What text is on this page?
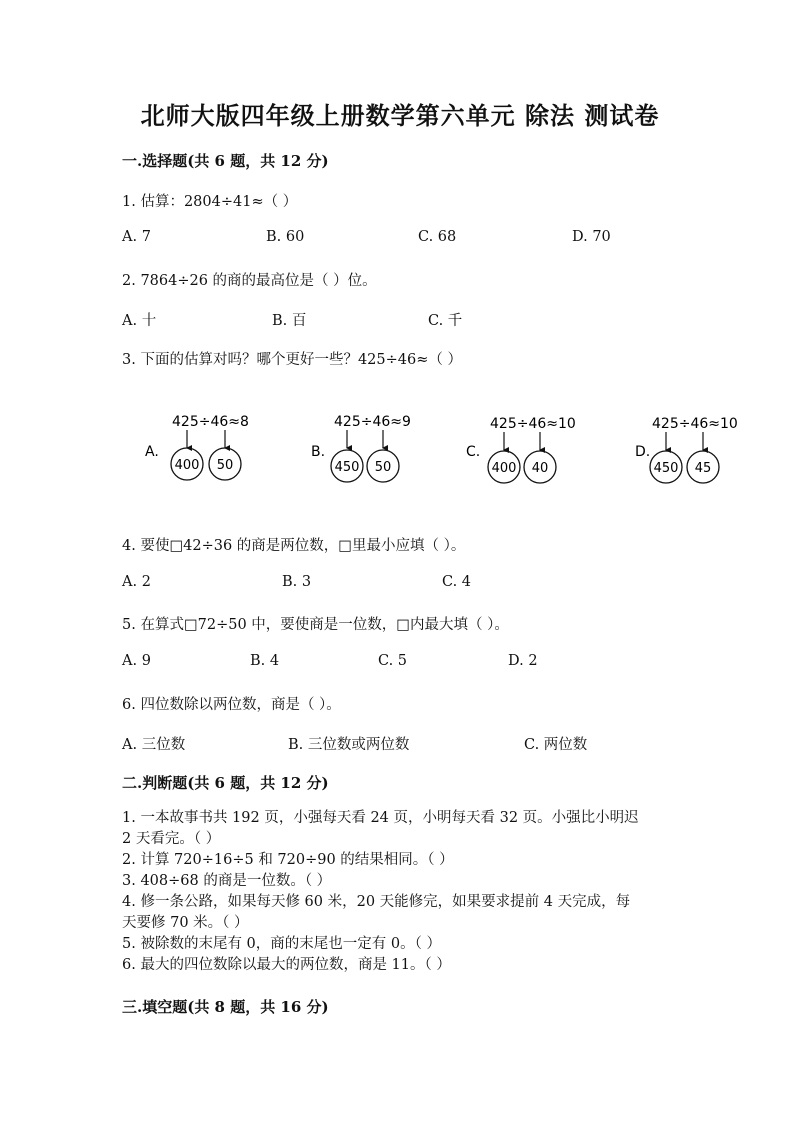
北师大版四年级上册数学第六单元 除法 测试卷
一.选择题(共 6 题，共 12 分)
1. 估算：2804÷41≈（ ）
A. 7	B. 60	C. 68	D. 70
2. 7864÷26 的商的最高位是（ ）位。
A. 十	B. 百	C. 千
3. 下面的估算对吗？哪个更好一些？425÷46≈（ ）
A.
425÷46≈8
400 50
B.
425÷46≈9
450 50
C.
425÷46≈10
400 40
D.
425÷46≈10
450 45
4. 要使□42÷36 的商是两位数，□里最小应填（ ）。
A. 2	B. 3	C. 4
5. 在算式□72÷50 中，要使商是一位数，□内最大填（ ）。
A. 9	B. 4	C. 5	D. 2
6. 四位数除以两位数，商是（ ）。
A. 三位数	B. 三位数或两位数	C. 两位数
二.判断题(共 6 题，共 12 分)
1. 一本故事书共 192 页，小强每天看 24 页，小明每天看 32 页。小强比小明迟
2 天看完。（ ）
2. 计算 720÷16÷5 和 720÷90 的结果相同。（ ）
3. 408÷68 的商是一位数。（ ）
4. 修一条公路，如果每天修 60 米，20 天能修完，如果要求提前 4 天完成，每
天要修 70 米。（ ）
5. 被除数的末尾有 0，商的末尾也一定有 0。（ ）
6. 最大的四位数除以最大的两位数，商是 11。（ ）
三.填空题(共 8 题，共 16 分)
